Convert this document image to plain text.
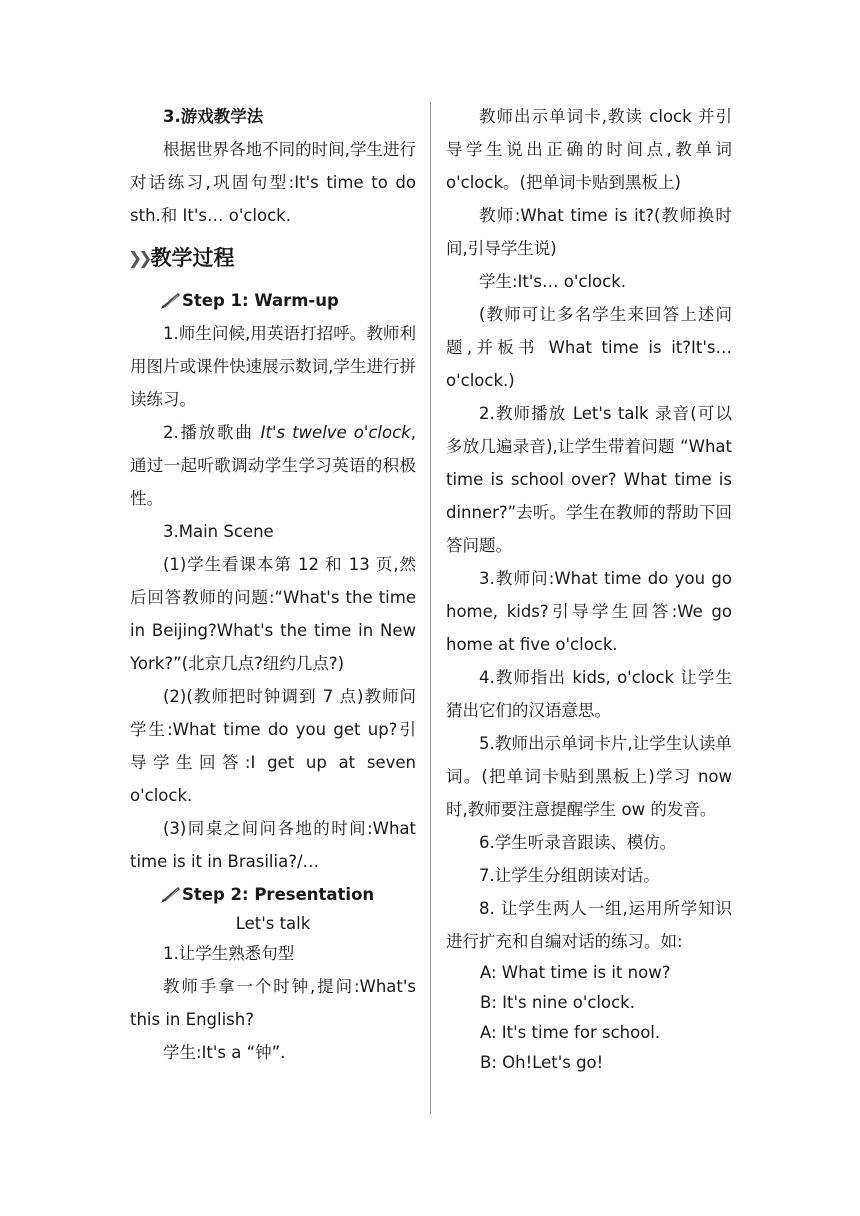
3.游戏教学法

根据世界各地不同的时间,学生进行对话练习,巩固句型:It's time to do sth.和 It's… o'clock.

❯❯教学过程
Step 1: Warm-up

1.师生问候,用英语打招呼。教师利用图片或课件快速展示数词,学生进行拼读练习。

2.播放歌曲 It's twelve o'clock,通过一起听歌调动学生学习英语的积极性。

3.Main Scene

(1)学生看课本第 12 和 13 页,然后回答教师的问题:“What's the time in Beijing?What's the time in New York?”(北京几点?纽约几点?)

(2)(教师把时钟调到 7 点)教师问学生:What time do you get up?引导学生回答:I get up at seven o'clock.

(3)同桌之间问各地的时间:What time is it in Brasilia?/…

Step 2: Presentation

Let's talk

1.让学生熟悉句型

教师手拿一个时钟,提问:What's this in English?

学生:It's a “钟”.

教师出示单词卡,教读 clock 并引导学生说出正确的时间点,教单词 o'clock。(把单词卡贴到黑板上)

教师:What time is it?(教师换时间,引导学生说)

学生:It's… o'clock.

(教师可让多名学生来回答上述问题,并板书 What time is it?It's…o'clock.)

2.教师播放 Let's talk 录音(可以多放几遍录音),让学生带着问题 “What time is school over? What time is dinner?”去听。学生在教师的帮助下回答问题。

3.教师问:What time do you go home, kids?引导学生回答:We go home at five o'clock.

4.教师指出 kids, o'clock 让学生猜出它们的汉语意思。

5.教师出示单词卡片,让学生认读单词。(把单词卡贴到黑板上)学习 now 时,教师要注意提醒学生 ow 的发音。

6.学生听录音跟读、模仿。

7.让学生分组朗读对话。

8. 让学生两人一组,运用所学知识进行扩充和自编对话的练习。如:

A: What time is it now?

B: It's nine o'clock.

A: It's time for school.

B: Oh!Let's go!
